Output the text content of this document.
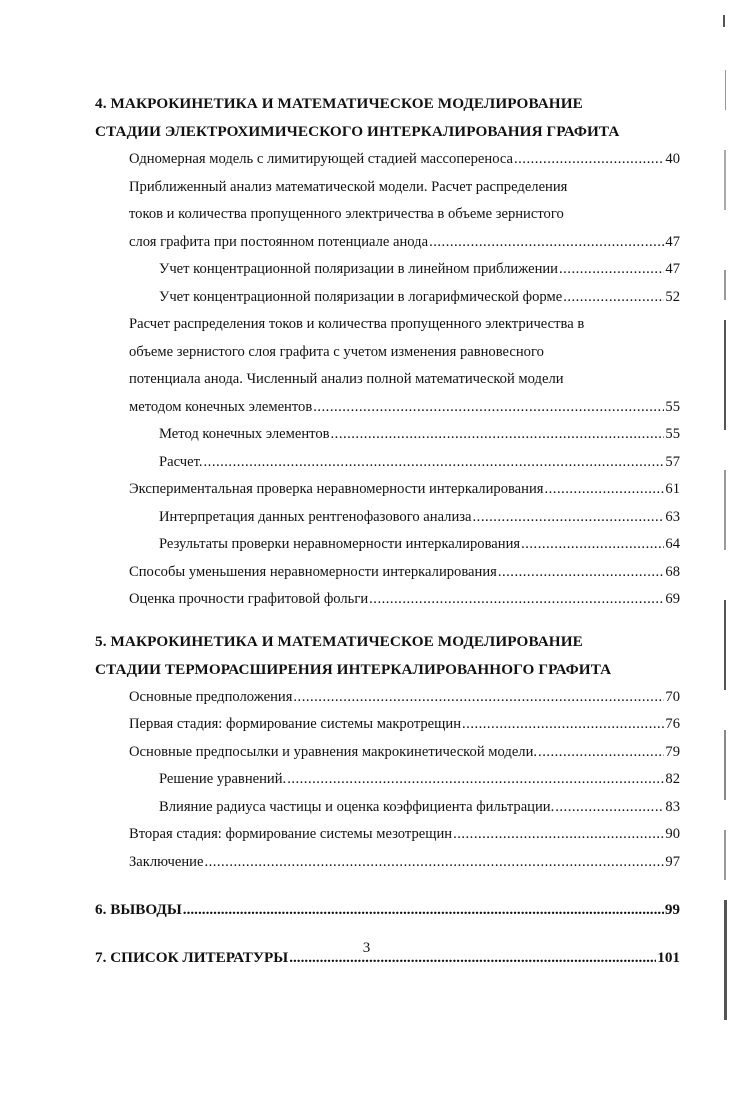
4. МАКРОКИНЕТИКА И МАТЕМАТИЧЕСКОЕ МОДЕЛИРОВАНИЕ
СТАДИИ ЭЛЕКТРОХИМИЧЕСКОГО ИНТЕРКАЛИРОВАНИЯ ГРАФИТА
Одномерная модель с лимитирующей стадией массопереноса .....	40
Приближенный анализ математической модели. Расчет распределения
токов и количества пропущенного электричества в объеме зернистого
слоя графита при постоянном потенциале анода .....	47
Учет концентрационной поляризации в линейном приближении .....	47
Учет концентрационной поляризации в логарифмической форме .....	52
Расчет распределения токов и количества пропущенного электричества в
объеме зернистого слоя графита с учетом изменения равновесного
потенциала анода. Численный анализ полной математической модели
методом конечных элементов .....	55
Метод конечных элементов .....	55
Расчет. .....	57
Экспериментальная проверка неравномерности интеркалирования .....	61
Интерпретация данных рентгенофазового анализа .....	63
Результаты проверки неравномерности интеркалирования .....	64
Способы уменьшения неравномерности интеркалирования .....	68
Оценка прочности графитовой фольги .....	69
5. МАКРОКИНЕТИКА И МАТЕМАТИЧЕСКОЕ МОДЕЛИРОВАНИЕ
СТАДИИ ТЕРМОРАСШИРЕНИЯ ИНТЕРКАЛИРОВАННОГО ГРАФИТА
Основные предположения .....	70
Первая стадия: формирование системы макротрещин .....	76
Основные предпосылки и уравнения макрокинетической модели. .....	79
Решение уравнений. .....	82
Влияние радиуса частицы и оценка коэффициента фильтрации. .....	83
Вторая стадия: формирование системы мезотрещин .....	90
Заключение .....	97
6. ВЫВОДЫ .....	99
7. СПИСОК ЛИТЕРАТУРЫ .....	101
3
